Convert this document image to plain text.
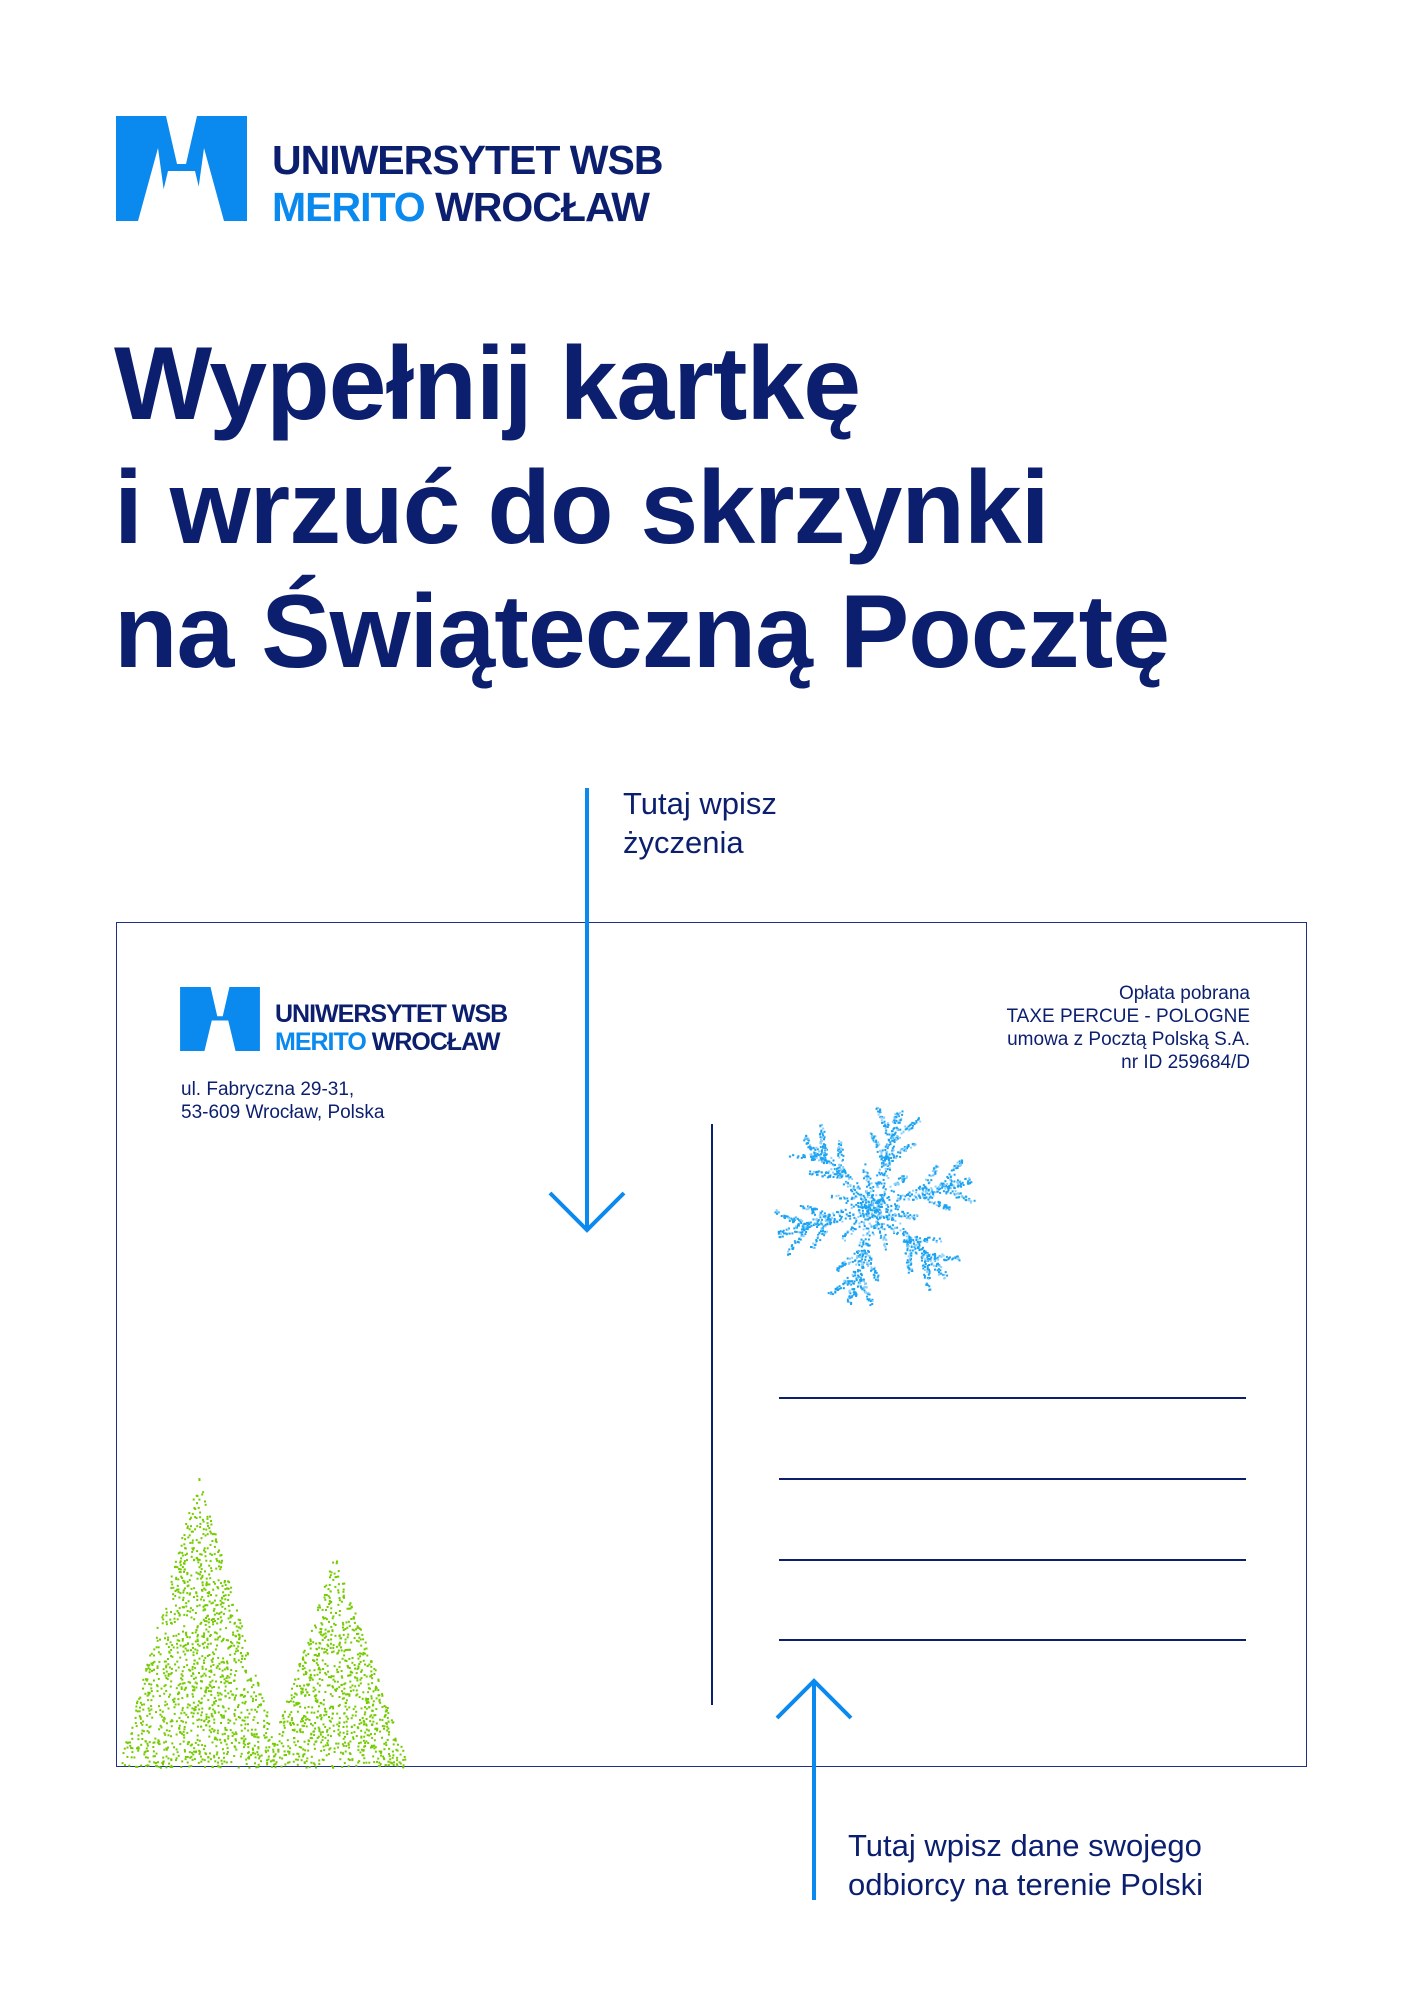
UNIWERSYTET WSB
MERITO WROCŁAW
Wypełnij kartkę
i wrzuć do skrzynki
na Świąteczną Pocztę
Tutaj wpisz
życzenia
UNIWERSYTET WSB
MERITO WROCŁAW
ul. Fabryczna 29-31,
53-609 Wrocław, Polska
Opłata pobrana
TAXE PERCUE - POLOGNE
umowa z Pocztą Polską S.A.
nr ID 259684/D
Tutaj wpisz dane swojego
odbiorcy na terenie Polski
